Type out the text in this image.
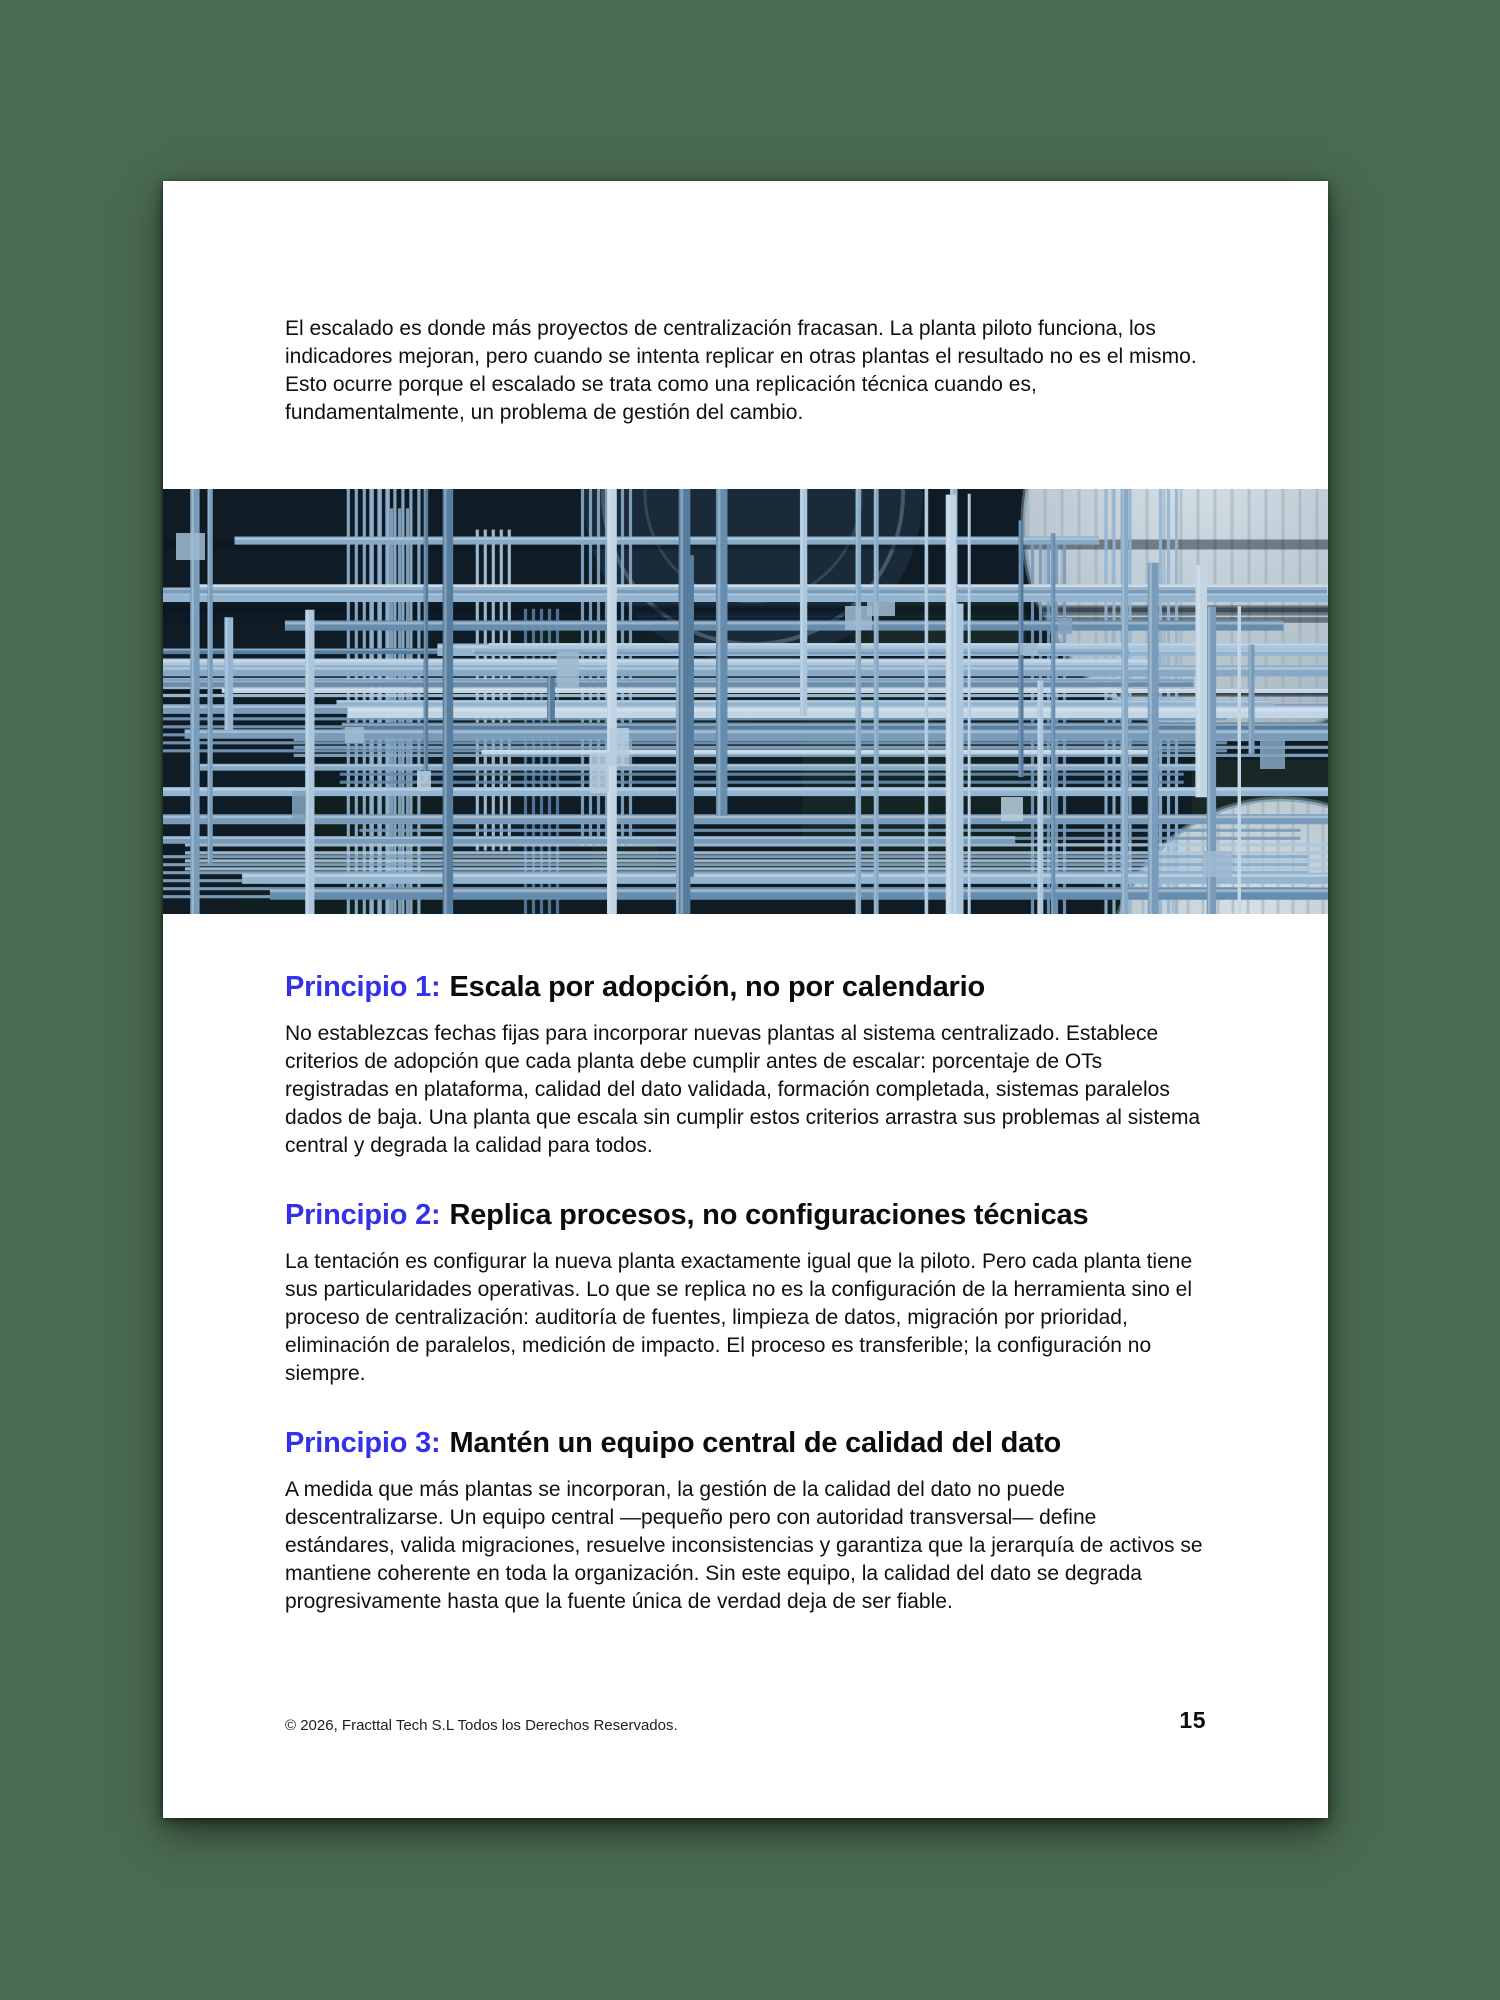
El escalado es donde más proyectos de centralización fracasan. La planta piloto funciona, los indicadores mejoran, pero cuando se intenta replicar en otras plantas el resultado no es el mismo. Esto ocurre porque el escalado se trata como una replicación técnica cuando es, fundamentalmente, un problema de gestión del cambio.

Principio 1: Escala por adopción, no por calendario

No establezcas fechas fijas para incorporar nuevas plantas al sistema centralizado. Establece criterios de adopción que cada planta debe cumplir antes de escalar: porcentaje de OTs registradas en plataforma, calidad del dato validada, formación completada, sistemas paralelos dados de baja. Una planta que escala sin cumplir estos criterios arrastra sus problemas al sistema central y degrada la calidad para todos.

Principio 2: Replica procesos, no configuraciones técnicas

La tentación es configurar la nueva planta exactamente igual que la piloto. Pero cada planta tiene sus particularidades operativas. Lo que se replica no es la configuración de la herramienta sino el proceso de centralización: auditoría de fuentes, limpieza de datos, migración por prioridad, eliminación de paralelos, medición de impacto. El proceso es transferible; la configuración no siempre.

Principio 3: Mantén un equipo central de calidad del dato

A medida que más plantas se incorporan, la gestión de la calidad del dato no puede descentralizarse. Un equipo central —pequeño pero con autoridad transversal— define estándares, valida migraciones, resuelve inconsistencias y garantiza que la jerarquía de activos se mantiene coherente en toda la organización. Sin este equipo, la calidad del dato se degrada progresivamente hasta que la fuente única de verdad deja de ser fiable.

© 2026, Fracttal Tech S.L Todos los Derechos Reservados.	15
